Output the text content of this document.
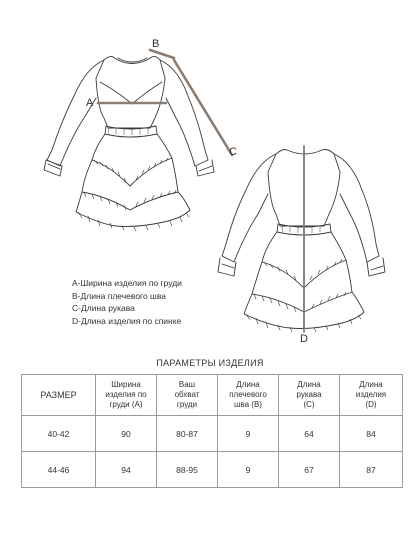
A
B
C
D
A-Ширина изделия по груди
B-Длина плечевого шва
C-Длина рукава
D-Длина изделия по спинке
ПАРАМЕТРЫ ИЗДЕЛИЯ
РАЗМЕР	Ширина
изделия по
груди (A)	Ваш
обхват
груди	Длина
плечевого
шва (B)	Длина
рукава
(C)	Длина
изделия
(D)
40-42	90	80-87	9	64	84
44-46	94	88-95	9	67	87
